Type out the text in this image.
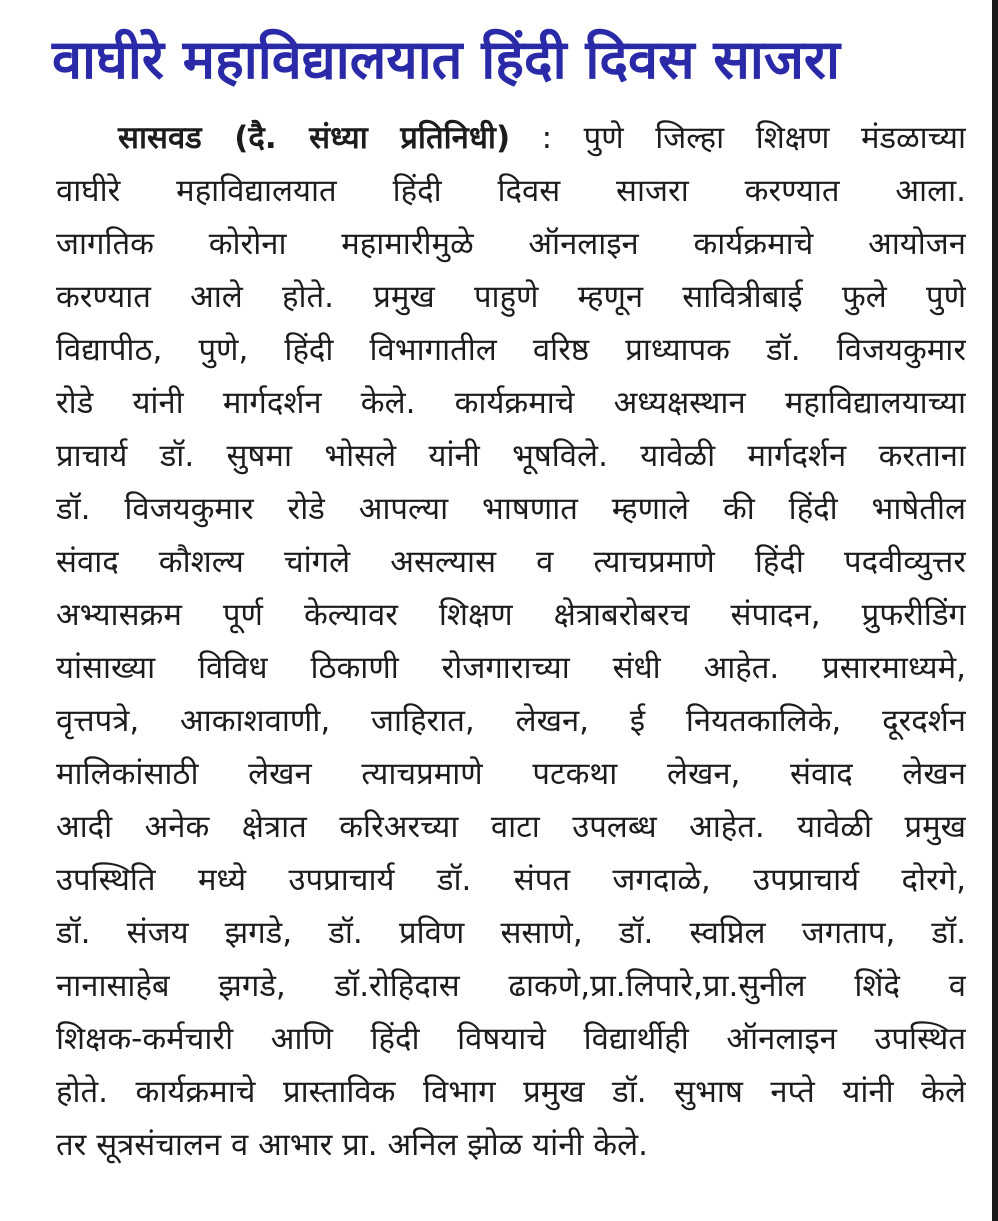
वाघीरे महाविद्यालयात हिंदी दिवस साजरा
सासवड (दै. संध्या प्रतिनिधी) : पुणे जिल्हा शिक्षण मंडळाच्या
वाघीरे महाविद्यालयात हिंदी दिवस साजरा करण्यात आला.
जागतिक कोरोना महामारीमुळे ऑनलाइन कार्यक्रमाचे आयोजन
करण्यात आले होते. प्रमुख पाहुणे म्हणून सावित्रीबाई फुले पुणे
विद्यापीठ, पुणे, हिंदी विभागातील वरिष्ठ प्राध्यापक डॉ. विजयकुमार
रोडे यांनी मार्गदर्शन केले. कार्यक्रमाचे अध्यक्षस्थान महाविद्यालयाच्या
प्राचार्य डॉ. सुषमा भोसले यांनी भूषविले. यावेळी मार्गदर्शन करताना
डॉ. विजयकुमार रोडे आपल्या भाषणात म्हणाले की हिंदी भाषेतील
संवाद कौशल्य चांगले असल्यास व त्याचप्रमाणे हिंदी पदवीव्युत्तर
अभ्यासक्रम पूर्ण केल्यावर शिक्षण क्षेत्राबरोबरच संपादन, प्रुफरीडिंग
यांसाख्या विविध ठिकाणी रोजगाराच्या संधी आहेत. प्रसारमाध्यमे,
वृत्तपत्रे, आकाशवाणी, जाहिरात, लेखन, ई नियतकालिके, दूरदर्शन
मालिकांसाठी लेखन त्याचप्रमाणे पटकथा लेखन, संवाद लेखन
आदी अनेक क्षेत्रात करिअरच्या वाटा उपलब्ध आहेत. यावेळी प्रमुख
उपस्थिति मध्ये उपप्राचार्य डॉ. संपत जगदाळे, उपप्राचार्य दोरगे,
डॉ. संजय झगडे, डॉ. प्रविण ससाणे, डॉ. स्वप्निल जगताप, डॉ.
नानासाहेब झगडे, डॉ.रोहिदास ढाकणे,प्रा.लिपारे,प्रा.सुनील शिंदे व
शिक्षक-कर्मचारी आणि हिंदी विषयाचे विद्यार्थीही ऑनलाइन उपस्थित
होते. कार्यक्रमाचे प्रास्ताविक विभाग प्रमुख डॉ. सुभाष नप्ते यांनी केले
तर सूत्रसंचालन व आभार प्रा. अनिल झोळ यांनी केले.
